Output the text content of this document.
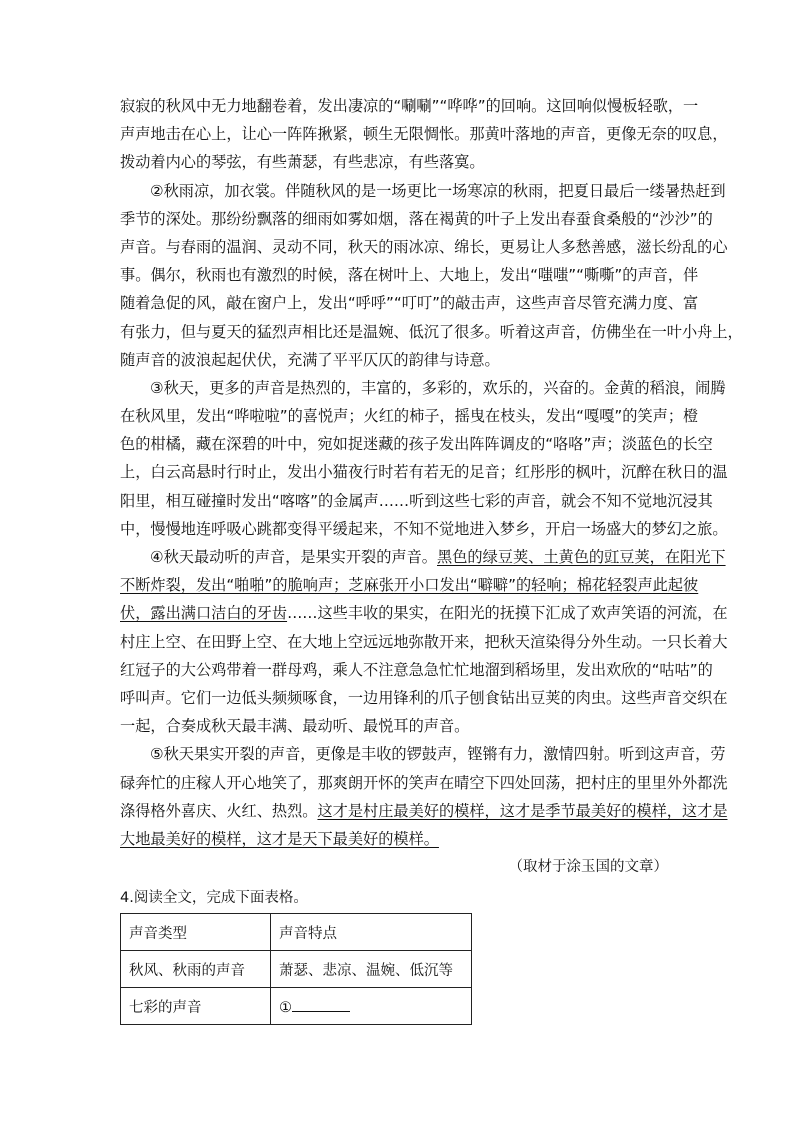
寂寂的秋风中无力地翻卷着，发出凄凉的“唰唰”“哗哗”的回响。这回响似慢板轻歌，一
声声地击在心上，让心一阵阵揪紧，顿生无限惆怅。那黄叶落地的声音，更像无奈的叹息，
拨动着内心的琴弦，有些萧瑟，有些悲凉，有些落寞。
②秋雨凉，加衣裳。伴随秋风的是一场更比一场寒凉的秋雨，把夏日最后一缕暑热赶到
季节的深处。那纷纷飘落的细雨如雾如烟，落在褐黄的叶子上发出春蚕食桑般的“沙沙”的
声音。与春雨的温润、灵动不同，秋天的雨冰凉、绵长，更易让人多愁善感，滋长纷乱的心
事。偶尔，秋雨也有激烈的时候，落在树叶上、大地上，发出“嗤嗤”“嘶嘶”的声音，伴
随着急促的风，敲在窗户上，发出“呼呼”“叮叮”的敲击声，这些声音尽管充满力度、富
有张力，但与夏天的猛烈声相比还是温婉、低沉了很多。听着这声音，仿佛坐在一叶小舟上，
随声音的波浪起起伏伏，充满了平平仄仄的韵律与诗意。
③秋天，更多的声音是热烈的，丰富的，多彩的，欢乐的，兴奋的。金黄的稻浪，闹腾
在秋风里，发出“哗啦啦”的喜悦声；火红的柿子，摇曳在枝头，发出“嘎嘎”的笑声；橙
色的柑橘，藏在深碧的叶中，宛如捉迷藏的孩子发出阵阵调皮的“咯咯”声；淡蓝色的长空
上，白云高悬时行时止，发出小猫夜行时若有若无的足音；红彤彤的枫叶，沉醉在秋日的温
阳里，相互碰撞时发出“喀喀”的金属声……听到这些七彩的声音，就会不知不觉地沉浸其
中，慢慢地连呼吸心跳都变得平缓起来，不知不觉地进入梦乡，开启一场盛大的梦幻之旅。
④秋天最动听的声音，是果实开裂的声音。黑色的绿豆荚、土黄色的豇豆荚，在阳光下
不断炸裂，发出“啪啪”的脆响声；芝麻张开小口发出“噼噼”的轻响；棉花轻裂声此起彼
伏，露出满口洁白的牙齿……这些丰收的果实，在阳光的抚摸下汇成了欢声笑语的河流，在
村庄上空、在田野上空、在大地上空远远地弥散开来，把秋天渲染得分外生动。一只长着大
红冠子的大公鸡带着一群母鸡，乘人不注意急急忙忙地溜到稻场里，发出欢欣的“咕咕”的
呼叫声。它们一边低头频频啄食，一边用锋利的爪子刨食钻出豆荚的肉虫。这些声音交织在
一起，合奏成秋天最丰满、最动听、最悦耳的声音。
⑤秋天果实开裂的声音，更像是丰收的锣鼓声，铿锵有力，激情四射。听到这声音，劳
碌奔忙的庄稼人开心地笑了，那爽朗开怀的笑声在晴空下四处回荡，把村庄的里里外外都洗
涤得格外喜庆、火红、热烈。这才是村庄最美好的模样，这才是季节最美好的模样，这才是
大地最美好的模样，这才是天下最美好的模样。
（取材于涂玉国的文章）
4.阅读全文，完成下面表格。
声音类型	声音特点
秋风、秋雨的声音	萧瑟、悲凉、温婉、低沉等
七彩的声音	①
